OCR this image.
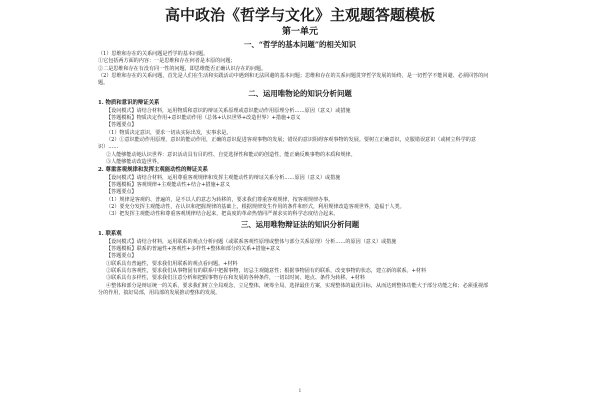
高中政治《哲学与文化》主观题答题模板
第一单元
一、“哲学的基本问题”的相关知识

（1）思维和存在的关系问题是哲学的基本问题。

①它包括两方面的内容：一是思维和存在何者是本原的问题；

②二是思维和存在有没有同一性的问题，即思维能否正确认识存在的问题。

（2）思维和存在的关系问题，首先是人们在生活和实践活动中遇到和无法回避的基本问题；思维和存在的关系问题贯穿哲学发展的始终，是一切哲学不能回避、必须回答的问题。

二、运用唯物论的知识分析问题
1. 物质和意识的辩证关系

【设问模式】请结合材料，运用物质和意识的辩证关系原理或意识能动作用原理分析……原因（意义）或措施

【答题模板】物质决定作用+意识能动作用（总体+认识世界+改造世界）+措施+意义

【答题要点】

（1）物质决定意识，要求一切从实际出发，实事求是。

（2）①意识能动作用原理，意识的能动作用，正确的意识促进客观事物的发展；错误的意识阻碍客观事物的发展。要树立正确意识，克服错误意识（或树立科学的意识）……

②人能够能动地认识世界：意识活动具有目的性、自觉选择性和能动的创造性，能正确反映事物的本质和规律。

③人能够能动改造世界。

2. 尊重客观规律和发挥主观能动性的辩证关系

【设问模式】请结合材料，运用尊重客观规律和发挥主观能动性的辩证关系分析……原因（意义）或措施

【答题模板】客观规律+主观能动性+结合+措施+意义

【答题要点】

（1）规律是客观的、普遍的，是不以人的意志为转移的，要求我们尊重客观规律，按客观规律办事。

（2）要充分发挥主观能动性，在认识和把握规律的基础上，根据规律发生作用的条件和形式，利用规律改造客观世界，造福于人类。

（3）把发挥主观能动性和尊重客观规律结合起来，把高度的革命热情同严谨求实的科学态度结合起来。

三、运用唯物辩证法的知识分析问题
1. 联系观

【设问模式】请结合材料，运用联系的观点分析问题（或联系客观性原理或整体与部分关系原理）分析……的原因（意义）或措施

【答题模板】联系的普遍性+客观性+多样性+整体和部分的关系+措施+意义

【答题要点】

①联系具有普遍性，要求我们用联系的观点看问题。+材料

②联系具有客观性，要求我们从事物固有的联系中把握事物，切忌主观随意性；根据事物固有的联系，改变事物的状态，建立新的联系。+材料

③联系具有多样性，要求我们注意分析和把握事物存在和发展的各种条件，一切以时间、地点、条件为转移。+材料

④整体和部分是辩证统一的关系，要求我们树立全局观念，立足整体，统筹全局，选择最佳方案，实现整体的最优目标，从而达到整体功能大于部分功能之和；必须重视部分的作用，搞好局部，用局部的发展推动整体的发展。

1
